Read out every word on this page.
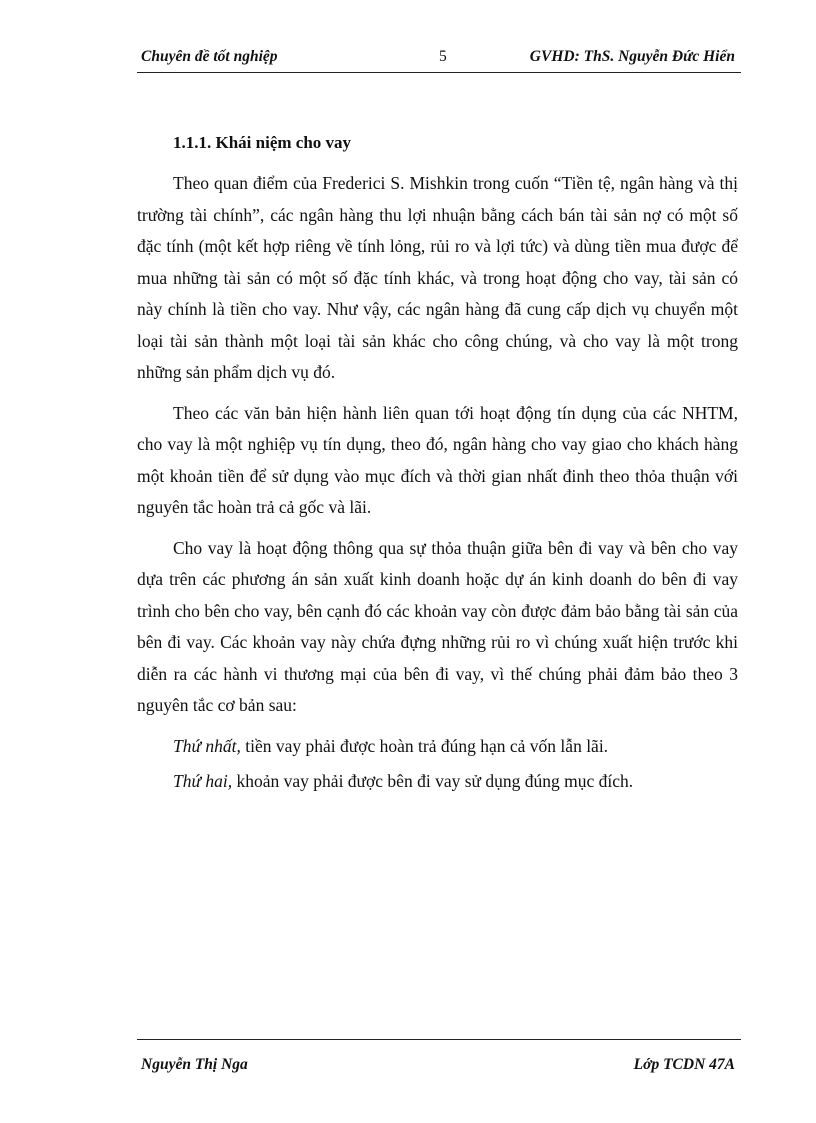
Chuyên đề tốt nghiệp	5	GVHD: ThS. Nguyễn Đức Hiển
1.1.1. Khái niệm cho vay

Theo quan điểm của Frederici S. Mishkin trong cuốn “Tiền tệ, ngân hàng và thị trường tài chính”, các ngân hàng thu lợi nhuận bằng cách bán tài sản nợ có một số đặc tính (một kết hợp riêng về tính lỏng, rủi ro và lợi tức) và dùng tiền mua được để mua những tài sản có một số đặc tính khác, và trong hoạt động cho vay, tài sản có này chính là tiền cho vay. Như vậy, các ngân hàng đã cung cấp dịch vụ chuyển một loại tài sản thành một loại tài sản khác cho công chúng, và cho vay là một trong những sản phẩm dịch vụ đó.

Theo các văn bản hiện hành liên quan tới hoạt động tín dụng của các NHTM, cho vay là một nghiệp vụ tín dụng, theo đó, ngân hàng cho vay giao cho khách hàng một khoản tiền để sử dụng vào mục đích và thời gian nhất đinh theo thỏa thuận với nguyên tắc hoàn trả cả gốc và lãi.

Cho vay là hoạt động thông qua sự thỏa thuận giữa bên đi vay và bên cho vay dựa trên các phương án sản xuất kinh doanh hoặc dự án kinh doanh do bên đi vay trình cho bên cho vay, bên cạnh đó các khoản vay còn được đảm bảo bằng tài sản của bên đi vay. Các khoản vay này chứa đựng những rủi ro vì chúng xuất hiện trước khi diễn ra các hành vi thương mại của bên đi vay, vì thế chúng phải đảm bảo theo 3 nguyên tắc cơ bản sau:

Thứ nhất, tiền vay phải được hoàn trả đúng hạn cả vốn lẫn lãi.

Thứ hai, khoản vay phải được bên đi vay sử dụng đúng mục đích.

Nguyễn Thị Nga	Lớp TCDN 47A
